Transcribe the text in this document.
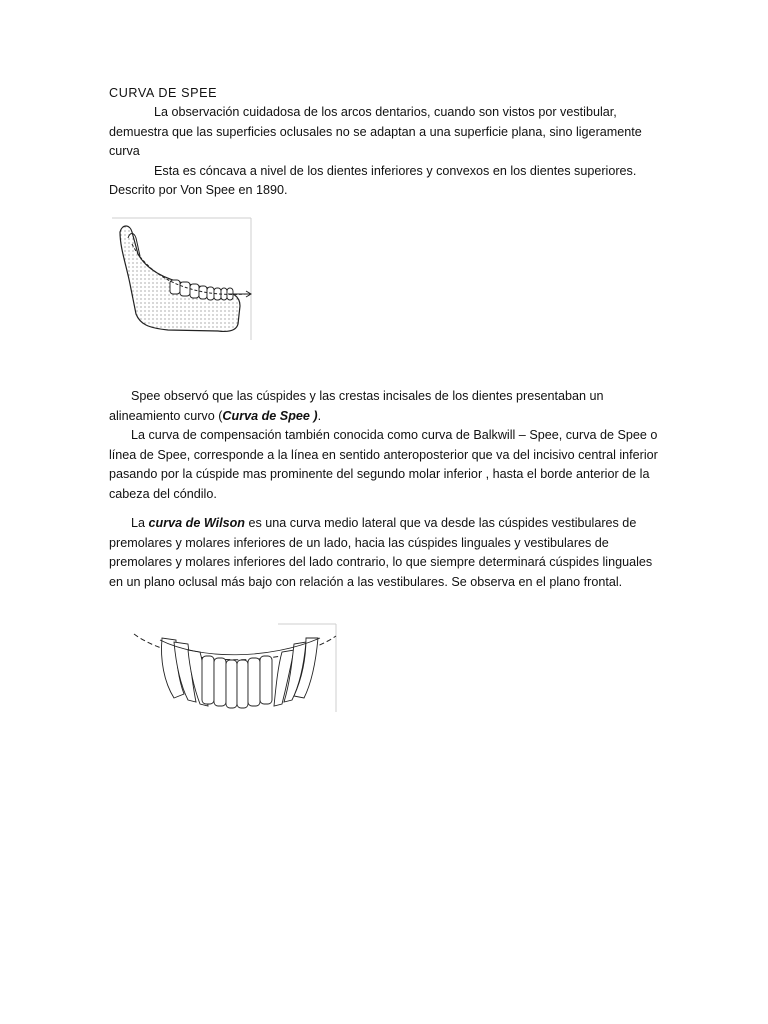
CURVA DE SPEE

La observación cuidadosa de los arcos dentarios, cuando son vistos por vestibular, demuestra que las superficies oclusales no se adaptan a una superficie plana, sino ligeramente curva

Esta es cóncava a nivel de los dientes inferiores y convexos en los dientes superiores. Descrito por Von Spee en 1890.

Spee observó que las cúspides y las crestas incisales de los dientes presentaban un alineamiento curvo (Curva de Spee ).

La curva de compensación también conocida como curva de Balkwill – Spee, curva de Spee o línea de Spee, corresponde a la línea en sentido anteroposterior que va del incisivo central inferior pasando por la cúspide mas prominente del segundo molar inferior , hasta el borde anterior de la cabeza del cóndilo.

La curva de Wilson es una curva medio lateral que va desde las cúspides vestibulares de premolares y molares inferiores de un lado, hacia las cúspides linguales y vestibulares de premolares y molares inferiores del lado contrario, lo que siempre determinará cúspides linguales en un plano oclusal más bajo con relación a las vestibulares. Se observa en el plano frontal.
